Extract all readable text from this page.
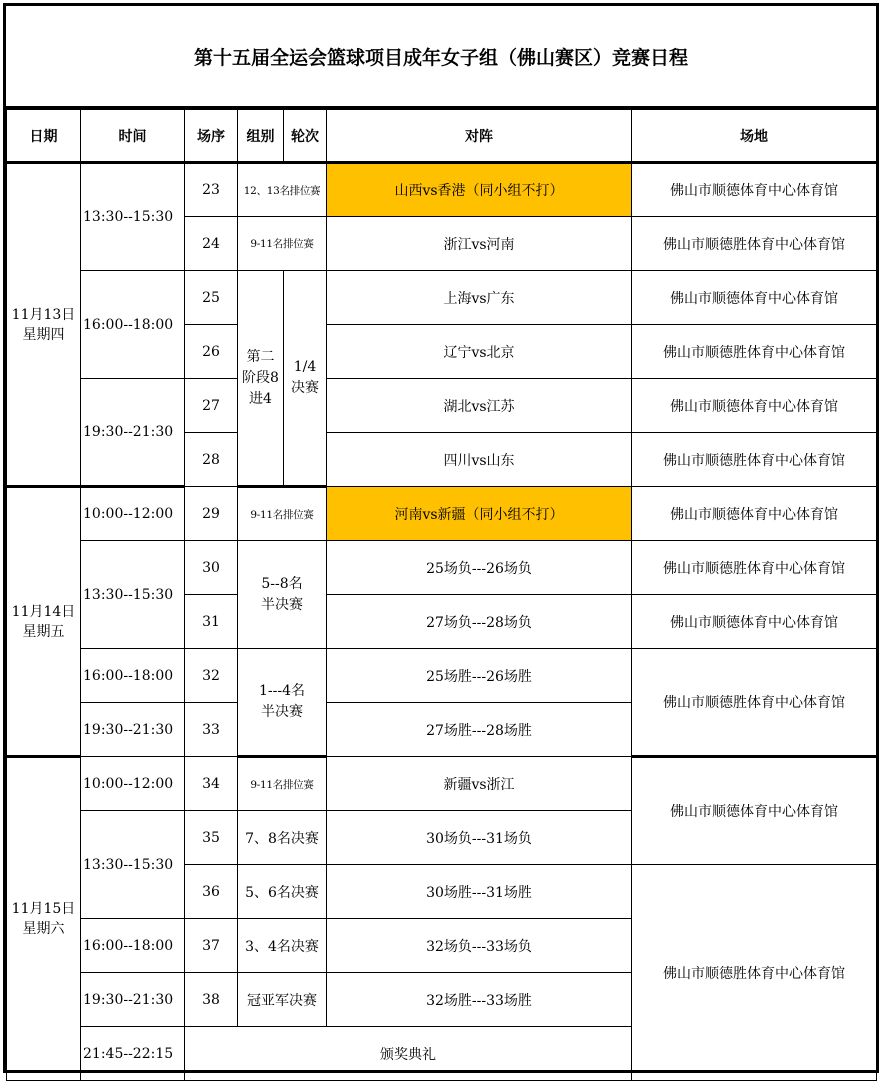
第十五届全运会篮球项目成年女子组（佛山赛区）竞赛日程
日期	时间	场序	组别	轮次	对阵	场地

11月13日
星期四	13:30--15:30	23	12、13名排位赛		山西vs香港（同小组不打）	佛山市顺德体育中心体育馆
		24	9-11名排位赛		浙江vs河南	佛山市顺德胜体育中心体育馆
	16:00--18:00	25	第二阶段8进4	1/4决赛	上海vs广东	佛山市顺德体育中心体育馆
		26			辽宁vs北京	佛山市顺德胜体育中心体育馆
	19:30--21:30	27			湖北vs江苏	佛山市顺德体育中心体育馆
		28			四川vs山东	佛山市顺德胜体育中心体育馆

11月14日
星期五	10:00--12:00	29	9-11名排位赛		河南vs新疆（同小组不打）	佛山市顺德体育中心体育馆
	13:30--15:30	30	5--8名半决赛		25场负---26场负	佛山市顺德胜体育中心体育馆
		31			27场负---28场负	佛山市顺德体育中心体育馆
	16:00--18:00	32	1---4名半决赛		25场胜---26场胜	佛山市顺德胜体育中心体育馆
	19:30--21:30	33			27场胜---28场胜	

11月15日
星期六	10:00--12:00	34	9-11名排位赛		新疆vs浙江	佛山市顺德体育中心体育馆
	13:30--15:30	35	7、8名决赛		30场负---31场负	
		36	5、6名决赛		30场胜---31场胜	佛山市顺德胜体育中心体育馆
	16:00--18:00	37	3、4名决赛		32场负---33场负	
	19:30--21:30	38	冠亚军决赛		32场胜---33场胜	
	21:45--22:15	颁奖典礼				
